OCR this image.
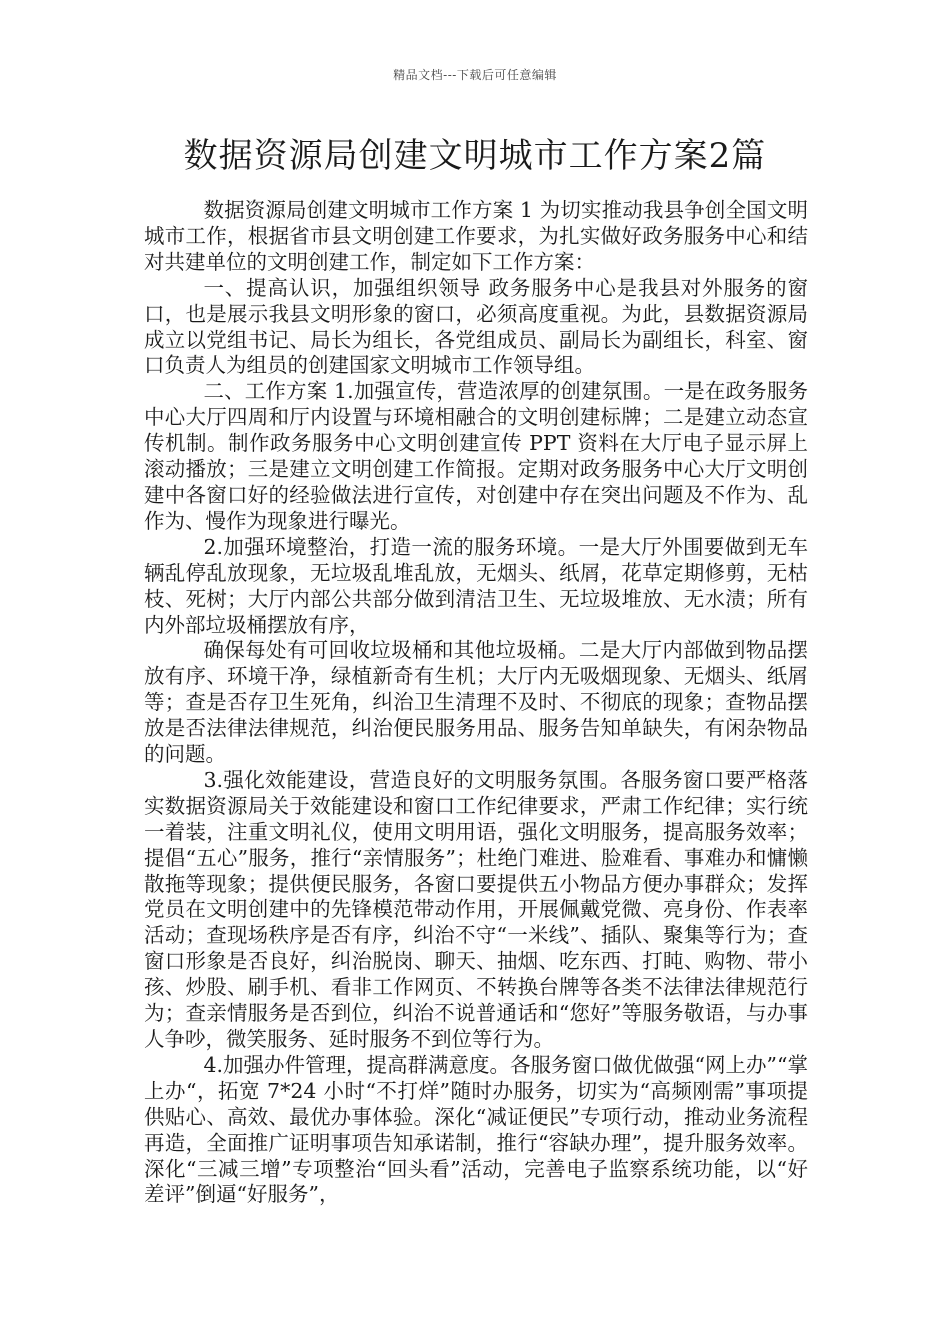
精品文档---下载后可任意编辑
数据资源局创建文明城市工作方案2篇

数据资源局创建文明城市工作方案 1 为切实推动我县争创全国文明城市工作，根据省市县文明创建工作要求，为扎实做好政务服务中心和结对共建单位的文明创建工作，制定如下工作方案：

一、提高认识，加强组织领导 政务服务中心是我县对外服务的窗口，也是展示我县文明形象的窗口，必须高度重视。为此，县数据资源局成立以党组书记、局长为组长，各党组成员、副局长为副组长，科室、窗口负责人为组员的创建国家文明城市工作领导组。

二、工作方案 1.加强宣传，营造浓厚的创建氛围。一是在政务服务中心大厅四周和厅内设置与环境相融合的文明创建标牌；二是建立动态宣传机制。制作政务服务中心文明创建宣传 PPT 资料在大厅电子显示屏上滚动播放；三是建立文明创建工作简报。定期对政务服务中心大厅文明创建中各窗口好的经验做法进行宣传，对创建中存在突出问题及不作为、乱作为、慢作为现象进行曝光。

2.加强环境整治，打造一流的服务环境。一是大厅外围要做到无车辆乱停乱放现象，无垃圾乱堆乱放，无烟头、纸屑，花草定期修剪，无枯枝、死树；大厅内部公共部分做到清洁卫生、无垃圾堆放、无水渍；所有内外部垃圾桶摆放有序，

确保每处有可回收垃圾桶和其他垃圾桶。二是大厅内部做到物品摆放有序、环境干净，绿植新奇有生机；大厅内无吸烟现象、无烟头、纸屑等；查是否存卫生死角，纠治卫生清理不及时、不彻底的现象；查物品摆放是否法律法律规范，纠治便民服务用品、服务告知单缺失，有闲杂物品的问题。

3.强化效能建设，营造良好的文明服务氛围。各服务窗口要严格落实数据资源局关于效能建设和窗口工作纪律要求，严肃工作纪律；实行统一着装，注重文明礼仪，使用文明用语，强化文明服务，提高服务效率；提倡“五心”服务，推行“亲情服务”；杜绝门难进、脸难看、事难办和慵懒散拖等现象；提供便民服务，各窗口要提供五小物品方便办事群众；发挥党员在文明创建中的先锋模范带动作用，开展佩戴党微、亮身份、作表率活动；查现场秩序是否有序，纠治不守“一米线”、插队、聚集等行为；查窗口形象是否良好，纠治脱岗、聊天、抽烟、吃东西、打盹、购物、带小孩、炒股、刷手机、看非工作网页、不转换台牌等各类不法律法律规范行为；查亲情服务是否到位，纠治不说普通话和“您好”等服务敬语，与办事人争吵，微笑服务、延时服务不到位等行为。

4.加强办件管理，提高群满意度。各服务窗口做优做强“网上办”“掌上办“，拓宽 7*24 小时“不打烊”随时办服务，切实为“高频刚需”事项提供贴心、高效、最优办事体验。深化“减证便民”专项行动，推动业务流程再造，全面推广证明事项告知承诺制，推行“容缺办理”，提升服务效率。深化“三减三增”专项整治“回头看”活动，完善电子监察系统功能，以“好差评”倒逼“好服务”，
